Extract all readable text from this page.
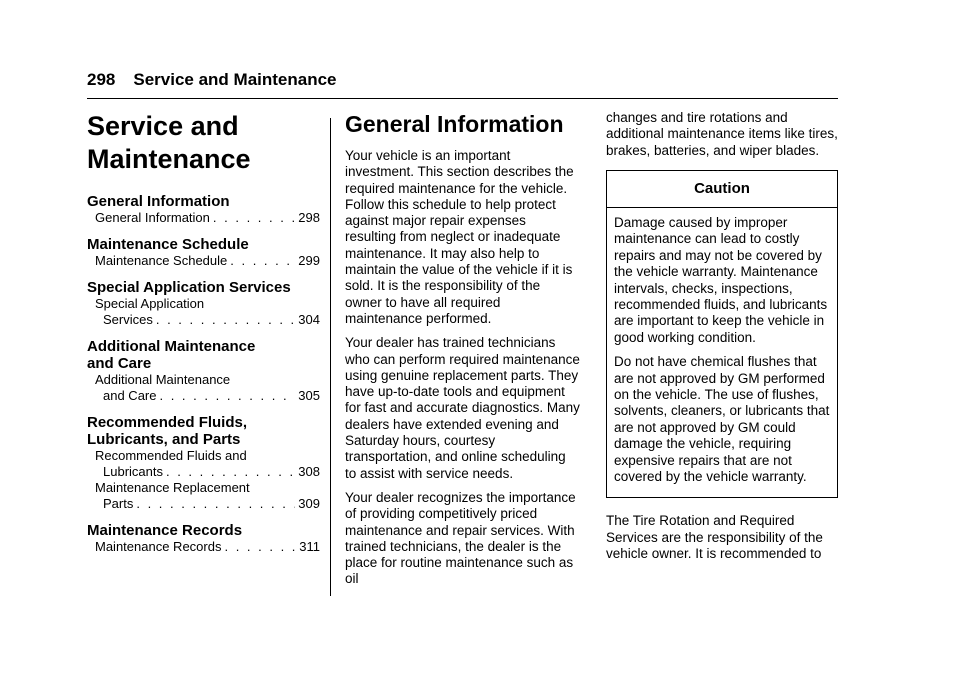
298 Service and Maintenance
Service and
Maintenance
General Information
General Information . . .	298
Maintenance Schedule
Maintenance Schedule . . .	299
Special Application Services
Special Application
Services . . .	304
Additional Maintenance
and Care
Additional Maintenance
and Care . . .	305
Recommended Fluids,
Lubricants, and Parts
Recommended Fluids and
Lubricants . . .	308
Maintenance Replacement
Parts . . .	309
Maintenance Records
Maintenance Records . . .	311
General Information

Your vehicle is an important investment. This section describes the required maintenance for the vehicle. Follow this schedule to help protect against major repair expenses resulting from neglect or inadequate maintenance. It may also help to maintain the value of the vehicle if it is sold. It is the responsibility of the owner to have all required maintenance performed.

Your dealer has trained technicians who can perform required maintenance using genuine replacement parts. They have up-to-date tools and equipment for fast and accurate diagnostics. Many dealers have extended evening and Saturday hours, courtesy transportation, and online scheduling to assist with service needs.

Your dealer recognizes the importance of providing competitively priced maintenance and repair services. With trained technicians, the dealer is the place for routine maintenance such as oil

changes and tire rotations and additional maintenance items like tires, brakes, batteries, and wiper blades.

Caution

Damage caused by improper maintenance can lead to costly repairs and may not be covered by the vehicle warranty. Maintenance intervals, checks, inspections, recommended fluids, and lubricants are important to keep the vehicle in good working condition.

Do not have chemical flushes that are not approved by GM performed on the vehicle. The use of flushes, solvents, cleaners, or lubricants that are not approved by GM could damage the vehicle, requiring expensive repairs that are not covered by the vehicle warranty.

The Tire Rotation and Required Services are the responsibility of the vehicle owner. It is recommended to
